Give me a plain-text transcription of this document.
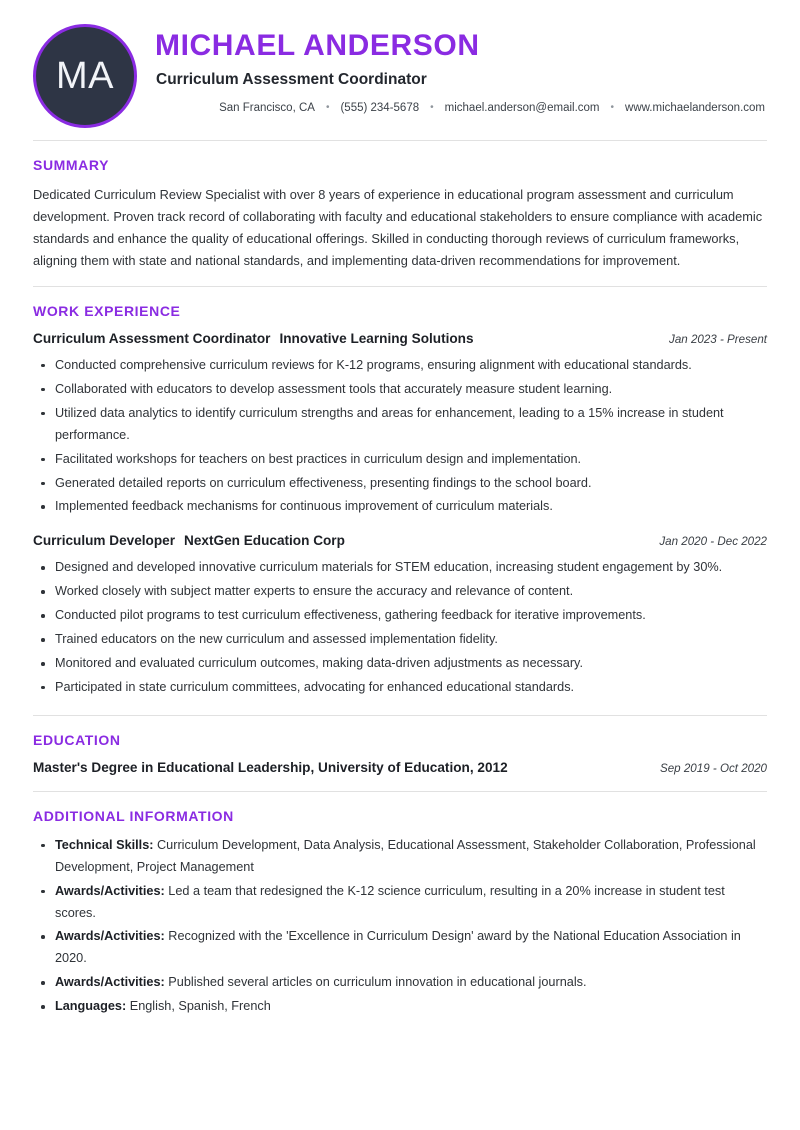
MA
MICHAEL ANDERSON
Curriculum Assessment Coordinator
San Francisco, CA	• (555) 234-5678	• michael.anderson@email.com	• www.michaelanderson.com
SUMMARY

Dedicated Curriculum Review Specialist with over 8 years of experience in educational program assessment and curriculum development. Proven track record of collaborating with faculty and educational stakeholders to ensure compliance with academic standards and enhance the quality of educational offerings. Skilled in conducting thorough reviews of curriculum frameworks, aligning them with state and national standards, and implementing data-driven recommendations for improvement.

WORK EXPERIENCE
Curriculum Assessment Coordinator Innovative Learning Solutions	Jan 2023 - Present
Conducted comprehensive curriculum reviews for K-12 programs, ensuring alignment with educational standards.
Collaborated with educators to develop assessment tools that accurately measure student learning.
Utilized data analytics to identify curriculum strengths and areas for enhancement, leading to a 15% increase in student performance.
Facilitated workshops for teachers on best practices in curriculum design and implementation.
Generated detailed reports on curriculum effectiveness, presenting findings to the school board.
Implemented feedback mechanisms for continuous improvement of curriculum materials.
Curriculum Developer NextGen Education Corp	Jan 2020 - Dec 2022
Designed and developed innovative curriculum materials for STEM education, increasing student engagement by 30%.
Worked closely with subject matter experts to ensure the accuracy and relevance of content.
Conducted pilot programs to test curriculum effectiveness, gathering feedback for iterative improvements.
Trained educators on the new curriculum and assessed implementation fidelity.
Monitored and evaluated curriculum outcomes, making data-driven adjustments as necessary.
Participated in state curriculum committees, advocating for enhanced educational standards.
EDUCATION
Master's Degree in Educational Leadership, University of Education, 2012	Sep 2019 - Oct 2020
ADDITIONAL INFORMATION
Technical Skills: Curriculum Development, Data Analysis, Educational Assessment, Stakeholder Collaboration, Professional Development, Project Management
Awards/Activities: Led a team that redesigned the K-12 science curriculum, resulting in a 20% increase in student test scores.
Awards/Activities: Recognized with the 'Excellence in Curriculum Design' award by the National Education Association in 2020.
Awards/Activities: Published several articles on curriculum innovation in educational journals.
Languages: English, Spanish, French
